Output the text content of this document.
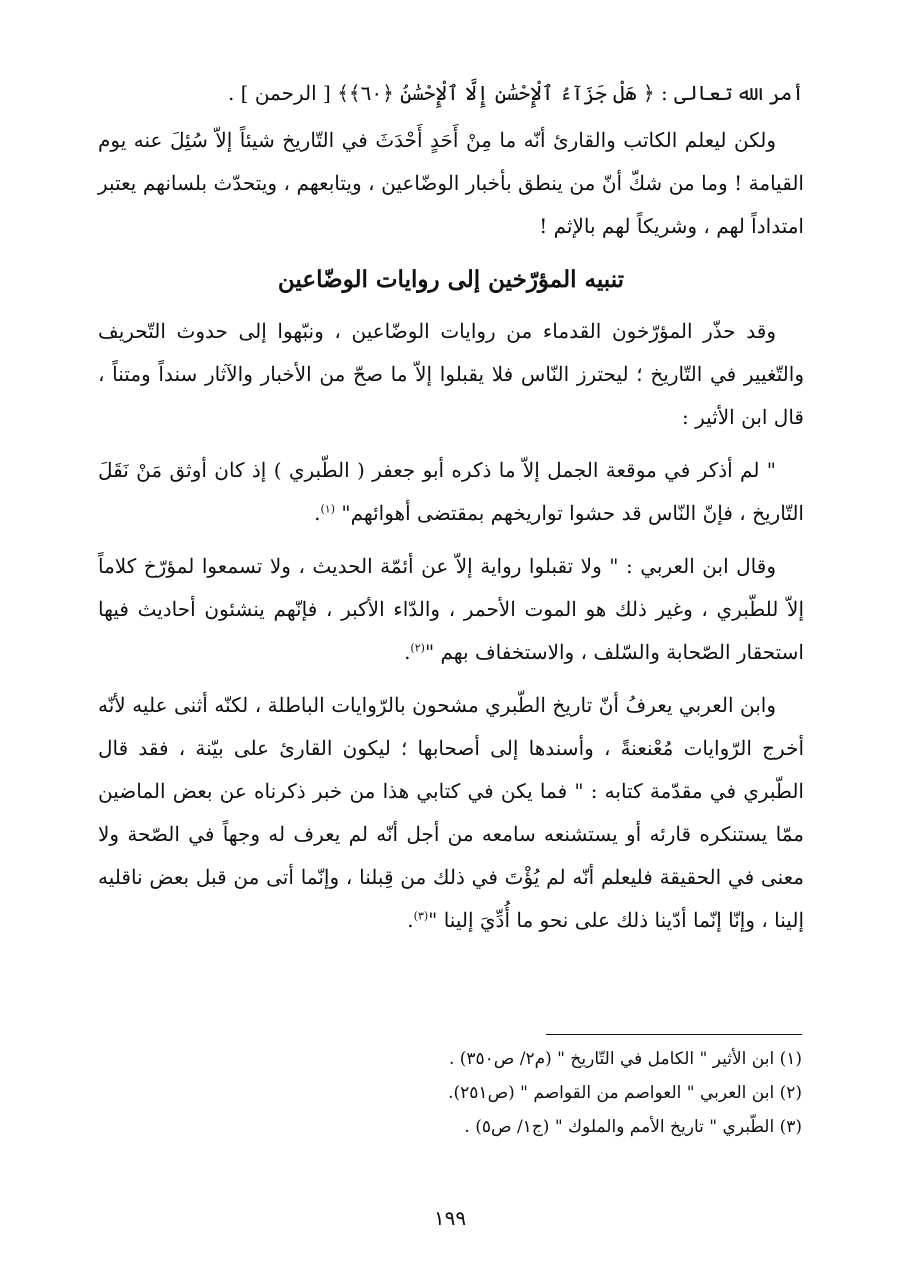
أمر الله تعالى : ﴿ هَلْ جَزَآءُ ٱلْإِحْسَٰنِ إِلَّا ٱلْإِحْسَٰنُ ﴿٦٠﴾﴾ [ الرحمن ] .

ولكن ليعلم الكاتب والقارئ أنّه ما مِنْ أَحَدٍ أَحْدَثَ في التّاريخ شيئاً إلاّ سُئِلَ عنه يوم القيامة ! وما من شكّ أنّ من ينطق بأخبار الوضّاعين ، ويتابعهم ، ويتحدّث بلسانهم يعتبر امتداداً لهم ، وشريكاً لهم بالإثم !

تنبيه المؤرّخين إلى روايات الوضّاعين

وقد حذّر المؤرّخون القدماء من روايات الوضّاعين ، ونبّهوا إلى حدوث التّحريف والتّغيير في التّاريخ ؛ ليحترز النّاس فلا يقبلوا إلاّ ما صحّ من الأخبار والآثار سنداً ومتناً ، قال ابن الأثير :

" لم أذكر في موقعة الجمل إلاّ ما ذكره أبو جعفر ( الطّبري ) إذ كان أوثق مَنْ نَقَلَ التّاريخ ، فإنّ النّاس قد حشوا تواريخهم بمقتضى أهوائهم" $^{(١)}$.

وقال ابن العربي : " ولا تقبلوا رواية إلاّ عن أئمّة الحديث ، ولا تسمعوا لمؤرّخ كلاماً إلاّ للطّبري ، وغير ذلك هو الموت الأحمر ، والدّاء الأكبر ، فإنّهم ينشئون أحاديث فيها استحقار الصّحابة والسّلف ، والاستخفاف بهم "$^{(٢)}$.

وابن العربي يعرفُ أنّ تاريخ الطّبري مشحون بالرّوايات الباطلة ، لكنّه أثنى عليه لأنّه أخرج الرّوايات مُعْنعنةً ، وأسندها إلى أصحابها ؛ ليكون القارئ على بيّنة ، فقد قال الطّبري في مقدّمة كتابه : " فما يكن في كتابي هذا من خبر ذكرناه عن بعض الماضين ممّا يستنكره قارئه أو يستشنعه سامعه من أجل أنّه لم يعرف له وجهاً في الصّحة ولا معنى في الحقيقة فليعلم أنّه لم يُؤْتَ في ذلك من قِبلنا ، وإنّما أتى من قبل بعض ناقليه إلينا ، وإنّا إنّما أدّينا ذلك على نحو ما أُدِّيَ إلينا "$^{(٣)}$.

(١) ابن الأثير " الكامل في التّاريخ " (م٢/ ص٣٥٠) .
(٢) ابن العربي " العواصم من القواصم " (ص٢٥١).
(٣) الطّبري " تاريخ الأمم والملوك " (ج١/ ص٥) .
١٩٩
